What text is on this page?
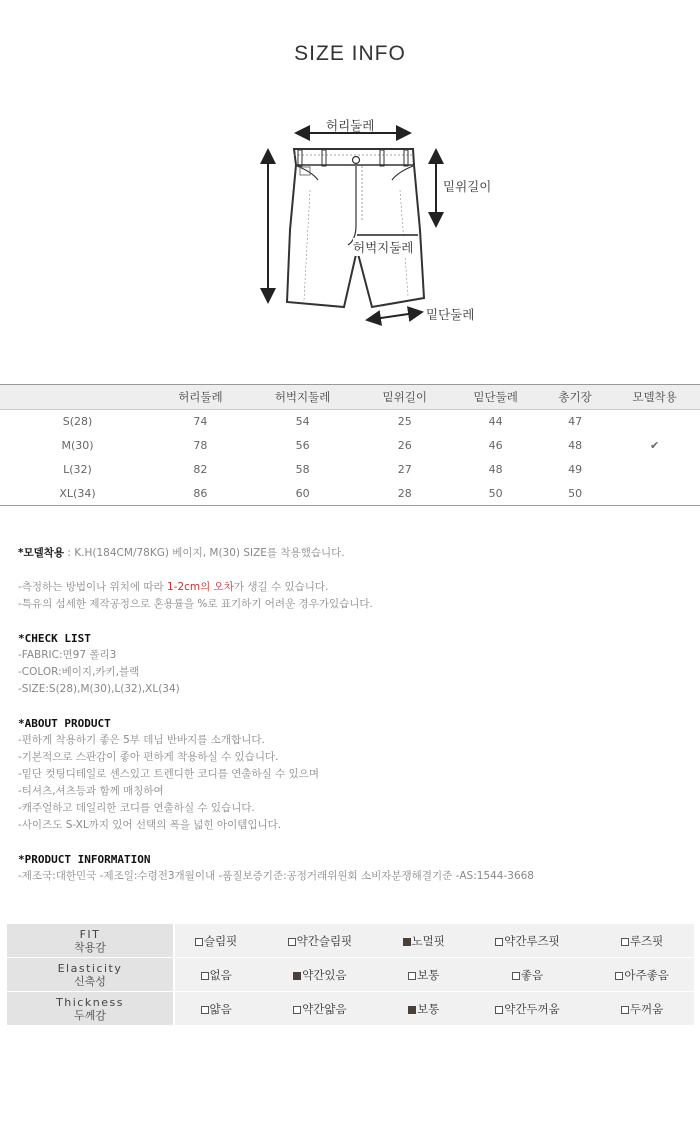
SIZE INFO
허리둘레
밑위길이
허벅지둘레
밑단둘레
	허리둘레	허벅지둘레	밑위길이	밑단둘레	총기장	모델착용
S(28)	74	54	25	44	47	
M(30)	78	56	26	46	48	✔
L(32)	82	58	27	48	49	
XL(34)	86	60	28	50	50	
*모델착용 : K.H(184CM/78KG) 베이지, M(30) SIZE를 착용했습니다.
-측정하는 방법이나 위치에 따라 1-2cm의 오차가 생길 수 있습니다.
-특유의 섬세한 제작공정으로 혼용률을 %로 표기하기 어려운 경우가있습니다.
*CHECK LIST
-FABRIC:면97 폴리3
-COLOR:베이지,카키,블랙
-SIZE:S(28),M(30),L(32),XL(34)
*ABOUT PRODUCT
-편하게 착용하기 좋은 5부 데님 반바지를 소개합니다.
-기본적으로 스판감이 좋아 편하게 착용하실 수 있습니다.
-밑단 컷팅디테일로 센스있고 트렌디한 코디를 연출하실 수 있으며
-티셔츠,셔츠등과 함께 매칭하여
-캐주얼하고 데일리한 코디를 연출하실 수 있습니다.
-사이즈도 S-XL까지 있어 선택의 폭을 넓힌 아이템입니다.
*PRODUCT INFORMATION
-제조국:대한민국 -제조일:수령전3개월이내 -품질보증기준:공정거래위원회 소비자분쟁해결기준 -AS:1544-3668
FIT
착용감	슬림핏	약간슬림핏	노멀핏	약간루즈핏	루즈핏

Elasticity
신축성	없음	약간있음	보통	좋음	아주좋음

Thickness
두께감	얇음	약간얇음	보통	약간두꺼움	두꺼움
